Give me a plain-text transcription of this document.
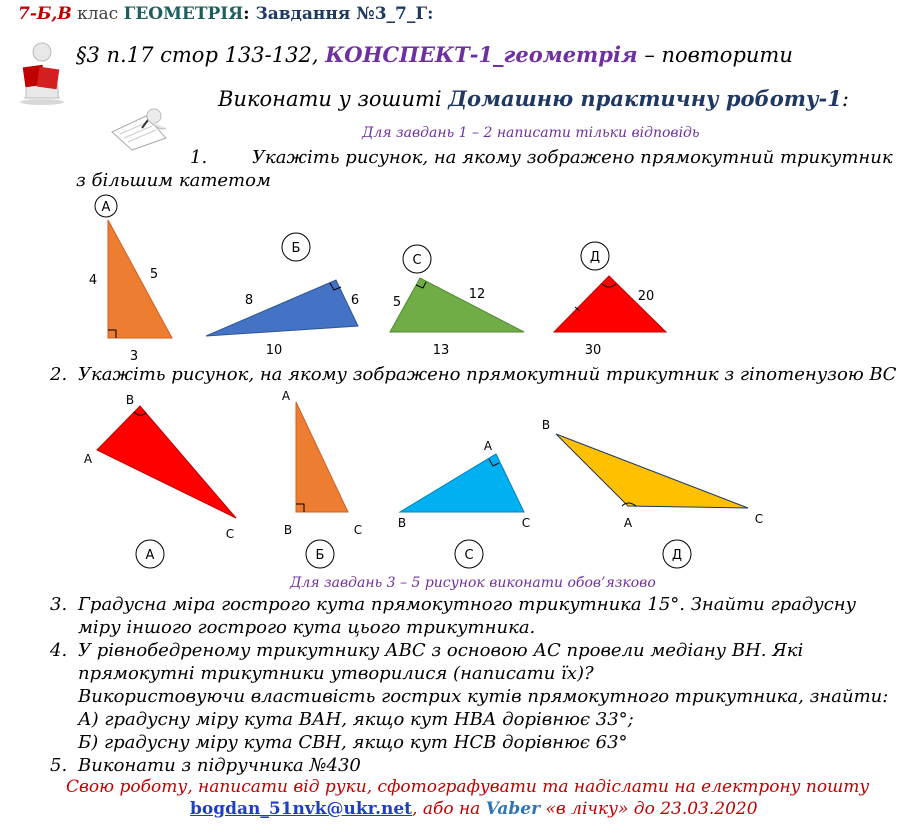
7-Б,В клас ГЕОМЕТРІЯ: Завдання №3_7_Г:
§3 п.17 стор 133-132, КОНСПЕКТ-1_геометрія – повторити
Виконати у зошиті Домашню практичну роботу-1:
Для завдань 1 – 2 написати тільки відповідь
1. Укажіть рисунок, на якому зображено прямокутний трикутник
з більшим катетом
А
4	5
3
Б
8	6
10
С
5
12
13
Д
20
30
2. Укажіть рисунок, на якому зображено прямокутний трикутник з гіпотенузою ВС
В
А
С
А
А
В	С
Б
А
В	С
С
В
А	С
Д
Для завдань 3 – 5 рисунок виконати обов’язково
3. Градусна міра гострого кута прямокутного трикутника 15°. Знайти градусну
міру іншого гострого кута цього трикутника.
4. У рівнобедреному трикутнику АВС з основою АС провели медіану ВН. Які
прямокутні трикутники утворилися (написати їх)?
Використовуючи властивість гострих кутів прямокутного трикутника, знайти:
А) градусну міру кута ВАН, якщо кут НВА дорівнює 33°;
Б) градусну міру кута СВН, якщо кут НСВ дорівнює 63°
5. Виконати з підручника №430
Свою роботу, написати від руки, сфотографувати та надіслати на електрону пошту
bogdan_51nvk@ukr.net, або на Vaber «в лічку» до 23.03.2020
